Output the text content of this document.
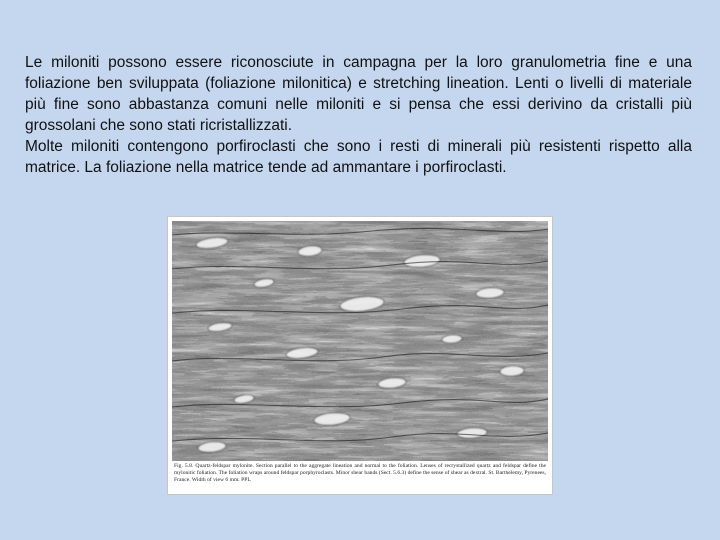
Le miloniti possono essere riconosciute in campagna per la loro granulometria fine e una foliazione ben sviluppata (foliazione milonitica) e stretching lineation. Lenti o livelli di materiale più fine sono abbastanza comuni nelle miloniti e si pensa che essi derivino da cristalli più grossolani che sono stati ricristallizzati.

Molte miloniti contengono porfiroclasti che sono i resti di minerali più resistenti rispetto alla matrice. La foliazione nella matrice tende ad ammantare i porfiroclasti.

Fig. 5.8. Quartz-feldspar mylonite. Section parallel to the aggregate lineation and normal to the foliation. Lenses of recrystallized quartz and feldspar define the mylonitic foliation. The foliation wraps around feldspar porphyroclasts. Minor shear bands (Sect. 5.6.3) define the sense of shear as dextral. St. Barthelemy, Pyrenees, France. Width of view 6 mm. PPL
